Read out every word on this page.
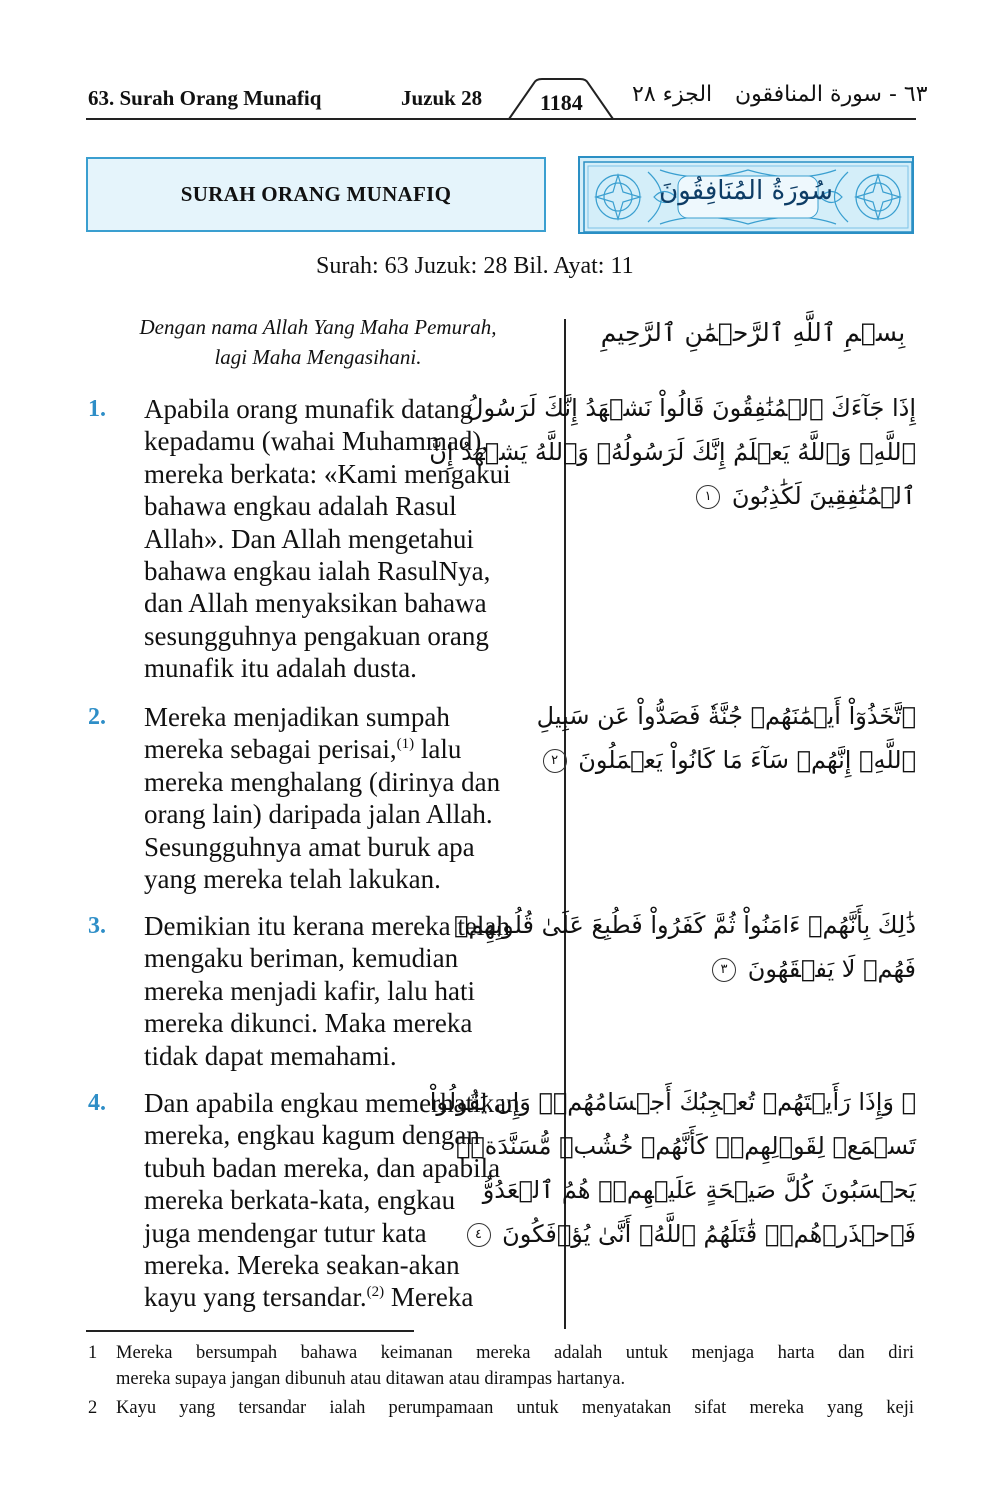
63. Surah Orang Munafiq	Juzuk 28	1184 الجزء ٢٨ ٦٣ - سورة المنافقون
SURAH ORANG MUNAFIQ	سُورَةُ المُنَافِقُونَ
Surah: 63 Juzuk: 28 Bil. Ayat: 11
Dengan nama Allah Yang Maha Pemurah,
lagi Maha Mengasihani.
بِسۡمِ ٱللَّهِ ٱلرَّحۡمَٰنِ ٱلرَّحِيمِ
1. Apabila orang munafik datang
kepadamu (wahai Muhammad),
mereka berkata: «Kami mengakui
bahawa engkau adalah Rasul
Allah». Dan Allah mengetahui
bahawa engkau ialah RasulNya,
dan Allah menyaksikan bahawa
sesungguhnya pengakuan orang
munafik itu adalah dusta.
إِذَا جَآءَكَ ٱلۡمُنَٰفِقُونَ قَالُواْ نَشۡهَدُ إِنَّكَ لَرَسُولُ
ٱللَّهِۗ وَٱللَّهُ يَعۡلَمُ إِنَّكَ لَرَسُولُهُۥ وَٱللَّهُ يَشۡهَدُ إِنَّ
ٱلۡمُنَٰفِقِينَ لَكَٰذِبُونَ ١
2. Mereka menjadikan sumpah
mereka sebagai perisai,$^{(1)}$ lalu
mereka menghalang (dirinya dan
orang lain) daripada jalan Allah.
Sesungguhnya amat buruk apa
yang mereka telah lakukan.
ٱتَّخَذُوٓاْ أَيۡمَٰنَهُمۡ جُنَّةٗ فَصَدُّواْ عَن سَبِيلِ
ٱللَّهِۚ إِنَّهُمۡ سَآءَ مَا كَانُواْ يَعۡمَلُونَ ٢
3. Demikian itu kerana mereka telah
mengaku beriman, kemudian
mereka menjadi kafir, lalu hati
mereka dikunci. Maka mereka
tidak dapat memahami.
ذَٰلِكَ بِأَنَّهُمۡ ءَامَنُواْ ثُمَّ كَفَرُواْ فَطُبِعَ عَلَىٰ قُلُوبِهِمۡ
فَهُمۡ لَا يَفۡقَهُونَ ٣
4. Dan apabila engkau memerhatikan
mereka, engkau kagum dengan
tubuh badan mereka, dan apabila
mereka berkata-kata, engkau
juga mendengar tutur kata
mereka. Mereka seakan-akan
kayu yang tersandar.$^{(2)}$ Mereka
۞ وَإِذَا رَأَيۡتَهُمۡ تُعۡجِبُكَ أَجۡسَامُهُمۡۖ وَإِن يَقُولُواْ
تَسۡمَعۡ لِقَوۡلِهِمۡۖ كَأَنَّهُمۡ خُشُبٞ مُّسَنَّدَةٞۖ
يَحۡسَبُونَ كُلَّ صَيۡحَةٍ عَلَيۡهِمۡۚ هُمُ ٱلۡعَدُوُّ
فَٱحۡذَرۡهُمۡۚ قَٰتَلَهُمُ ٱللَّهُۖ أَنَّىٰ يُؤۡفَكُونَ ٤
1 Mereka bersumpah bahawa keimanan mereka adalah untuk menjaga harta dan diri
mereka supaya jangan dibunuh atau ditawan atau dirampas hartanya.
2 Kayu yang tersandar ialah perumpamaan untuk menyatakan sifat mereka yang keji
